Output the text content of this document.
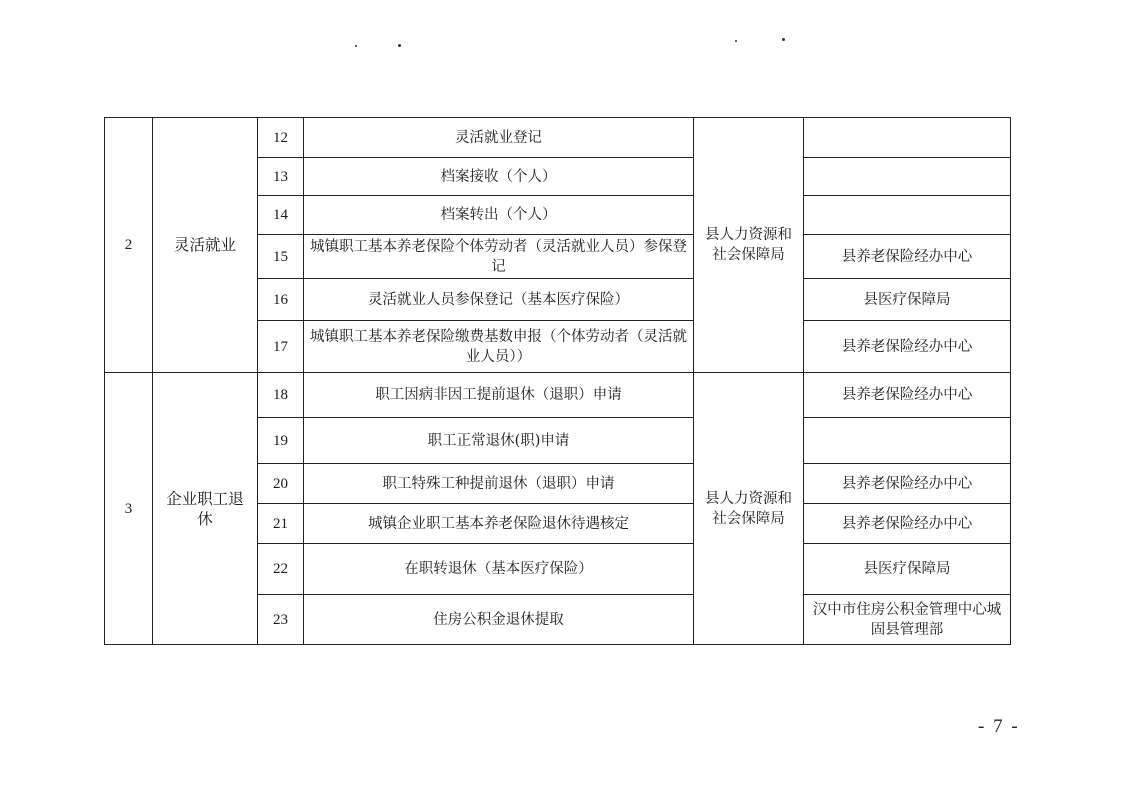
2	灵活就业	12	灵活就业登记	县人力资源和社会保障局	
		13	档案接收（个人）		
		14	档案转出（个人）		
		15	城镇职工基本养老保险个体劳动者（灵活就业人员）参保登记		县养老保险经办中心
		16	灵活就业人员参保登记（基本医疗保险）		县医疗保障局
		17	城镇职工基本养老保险缴费基数申报（个体劳动者（灵活就业人员））		县养老保险经办中心
3	企业职工退休	18	职工因病非因工提前退休（退职）申请	县人力资源和社会保障局	县养老保险经办中心
		19	职工正常退休(职)申请		
		20	职工特殊工种提前退休（退职）申请		县养老保险经办中心
		21	城镇企业职工基本养老保险退休待遇核定		县养老保险经办中心
		22	在职转退休（基本医疗保险）		县医疗保障局
		23	住房公积金退休提取		汉中市住房公积金管理中心城固县管理部
- 7 -
